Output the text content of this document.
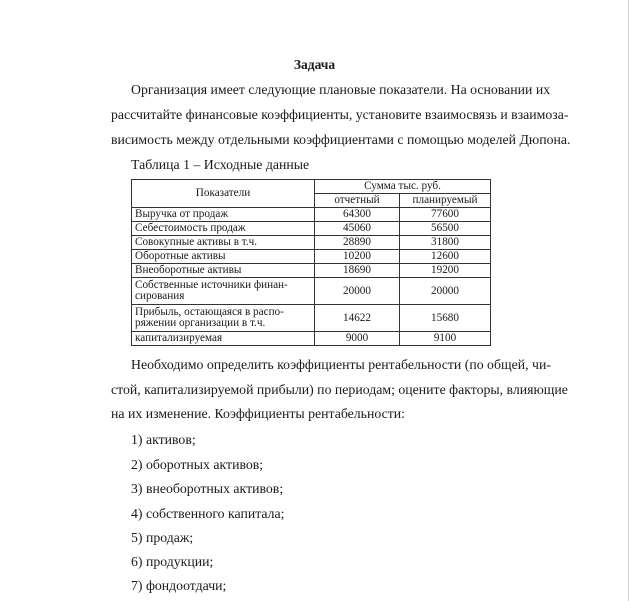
Задача
Организация имеет следующие плановые показатели. На основании их
рассчитайте финансовые коэффициенты, установите взаимосвязь и взаимоза-
висимость между отдельными коэффициентами с помощью моделей Дюпона.
Таблица 1 – Исходные данные
Показатели	Сумма тыс. руб.	
	отчетный	планируемый
Выручка от продаж	64300	77600
Себестоимость продаж	45060	56500
Совокупные активы в т.ч.	28890	31800
Оборотные активы	10200	12600
Внеоборотные активы	18690	19200

Собственные источники финан-
сирования	20000	20000

Прибыль, остающаяся в распо-
ряжении организации в т.ч.	14622	15680
капитализируемая	9000	9100
Необходимо определить коэффициенты рентабельности (по общей, чи-
стой, капитализируемой прибыли) по периодам; оцените факторы, влияющие
на их изменение. Коэффициенты рентабельности:
1) активов;
2) оборотных активов;
3) внеоборотных активов;
4) собственного капитала;
5) продаж;
6) продукции;
7) фондоотдачи;
